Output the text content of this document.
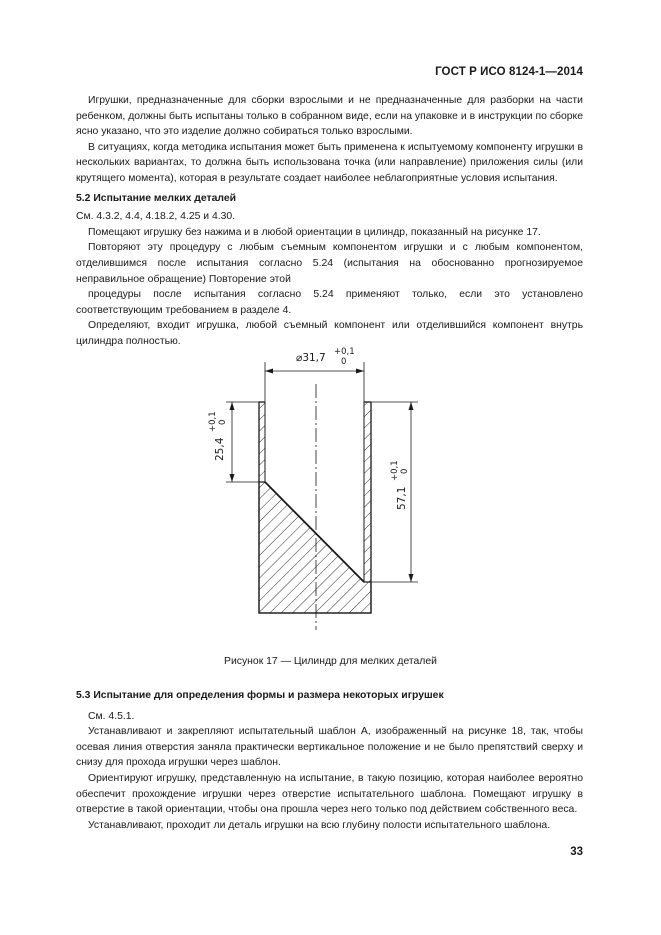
ГОСТ Р ИСО 8124-1—2014

Игрушки, предназначенные для сборки взрослыми и не предназначенные для разборки на части ребенком, должны быть испытаны только в собранном виде, если на упаковке и в инструкции по сборке ясно указано, что это изделие должно собираться только взрослыми.

В ситуациях, когда методика испытания может быть применена к испытуемому компоненту игрушки в нескольких вариантах, то должна быть использована точка (или направление) приложения силы (или крутящего момента), которая в результате создает наиболее неблагоприятные условия испытания.

5.2 Испытание мелких деталей

См. 4.3.2, 4.4, 4.18.2, 4.25 и 4.30.

Помещают игрушку без нажима и в любой ориентации в цилиндр, показанный на рисунке 17.

Повторяют эту процедуру с любым съемным компонентом игрушки и с любым компонентом, отделившимся после испытания согласно 5.24 (испытания на обоснованно прогнозируемое неправильное обращение) Повторение этой

процедуры после испытания согласно 5.24 применяют только, если это установлено соответствующим требованием в разделе 4.

Определяют, входит игрушка, любой съемный компонент или отделившийся компонент внутрь цилиндра полностью.

⌀31,7 +0,1
0
25,4
+0,1 0
57,1
+0,1 0
Рисунок 17 — Цилиндр для мелких деталей

5.3 Испытание для определения формы и размера некоторых игрушек

См. 4.5.1.

Устанавливают и закрепляют испытательный шаблон А, изображенный на рисунке 18, так, чтобы осевая линия отверстия заняла практически вертикальное положение и не было препятствий сверху и снизу для прохода игрушки через шаблон.

Ориентируют игрушку, представленную на испытание, в такую позицию, которая наиболее вероятно обеспечит прохождение игрушки через отверстие испытательного шаблона. Помещают игрушку в отверстие в такой ориентации, чтобы она прошла через него только под действием собственного веса.

Устанавливают, проходит ли деталь игрушки на всю глубину полости испытательного шаблона.

33
